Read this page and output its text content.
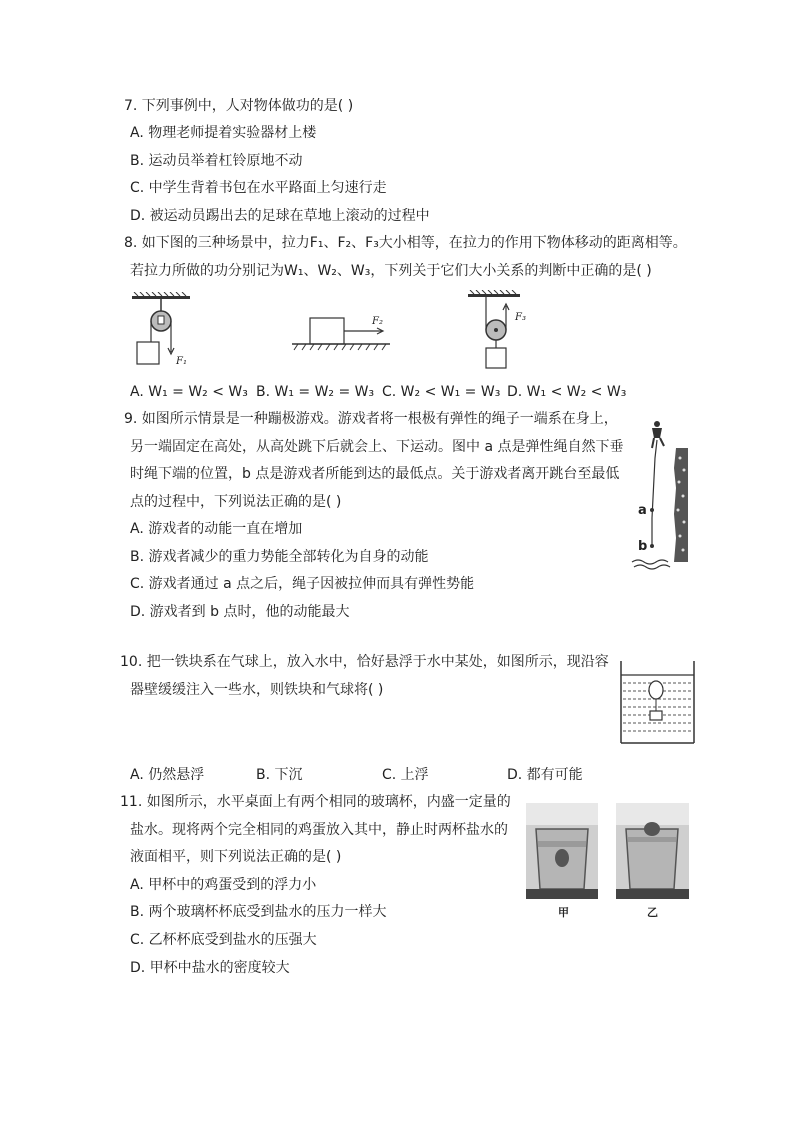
7. 下列事例中，人对物体做功的是( )
A. 物理老师提着实验器材上楼
B. 运动员举着杠铃原地不动
C. 中学生背着书包在水平路面上匀速行走
D. 被运动员踢出去的足球在草地上滚动的过程中
8. 如下图的三种场景中，拉力F₁、F₂、F₃大小相等，在拉力的作用下物体移动的距离相等。
若拉力所做的功分别记为W₁、W₂、W₃，下列关于它们大小关系的判断中正确的是( )
F₁
F₂	F₃
A. W₁ = W₂ < W₃ B. W₁ = W₂ = W₃ C. W₂ < W₁ = W₃ D. W₁ < W₂ < W₃
9. 如图所示情景是一种蹦极游戏。游戏者将一根极有弹性的绳子一端系在身上，
另一端固定在高处，从高处跳下后就会上、下运动。图中 a 点是弹性绳自然下垂
时绳下端的位置，b 点是游戏者所能到达的最低点。关于游戏者离开跳台至最低
点的过程中，下列说法正确的是( )
A. 游戏者的动能一直在增加
B. 游戏者减少的重力势能全部转化为自身的动能
C. 游戏者通过 a 点之后，绳子因被拉伸而具有弹性势能
D. 游戏者到 b 点时，他的动能最大
a
b
10. 把一铁块系在气球上，放入水中，恰好悬浮于水中某处，如图所示，现沿容
器壁缓缓注入一些水，则铁块和气球将( )
A. 仍然悬浮	B. 下沉	C. 上浮	D. 都有可能
11. 如图所示，水平桌面上有两个相同的玻璃杯，内盛一定量的
盐水。现将两个完全相同的鸡蛋放入其中，静止时两杯盐水的
液面相平，则下列说法正确的是( )
A. 甲杯中的鸡蛋受到的浮力小
B. 两个玻璃杯杯底受到盐水的压力一样大
C. 乙杯杯底受到盐水的压强大
D. 甲杯中盐水的密度较大
甲	乙
